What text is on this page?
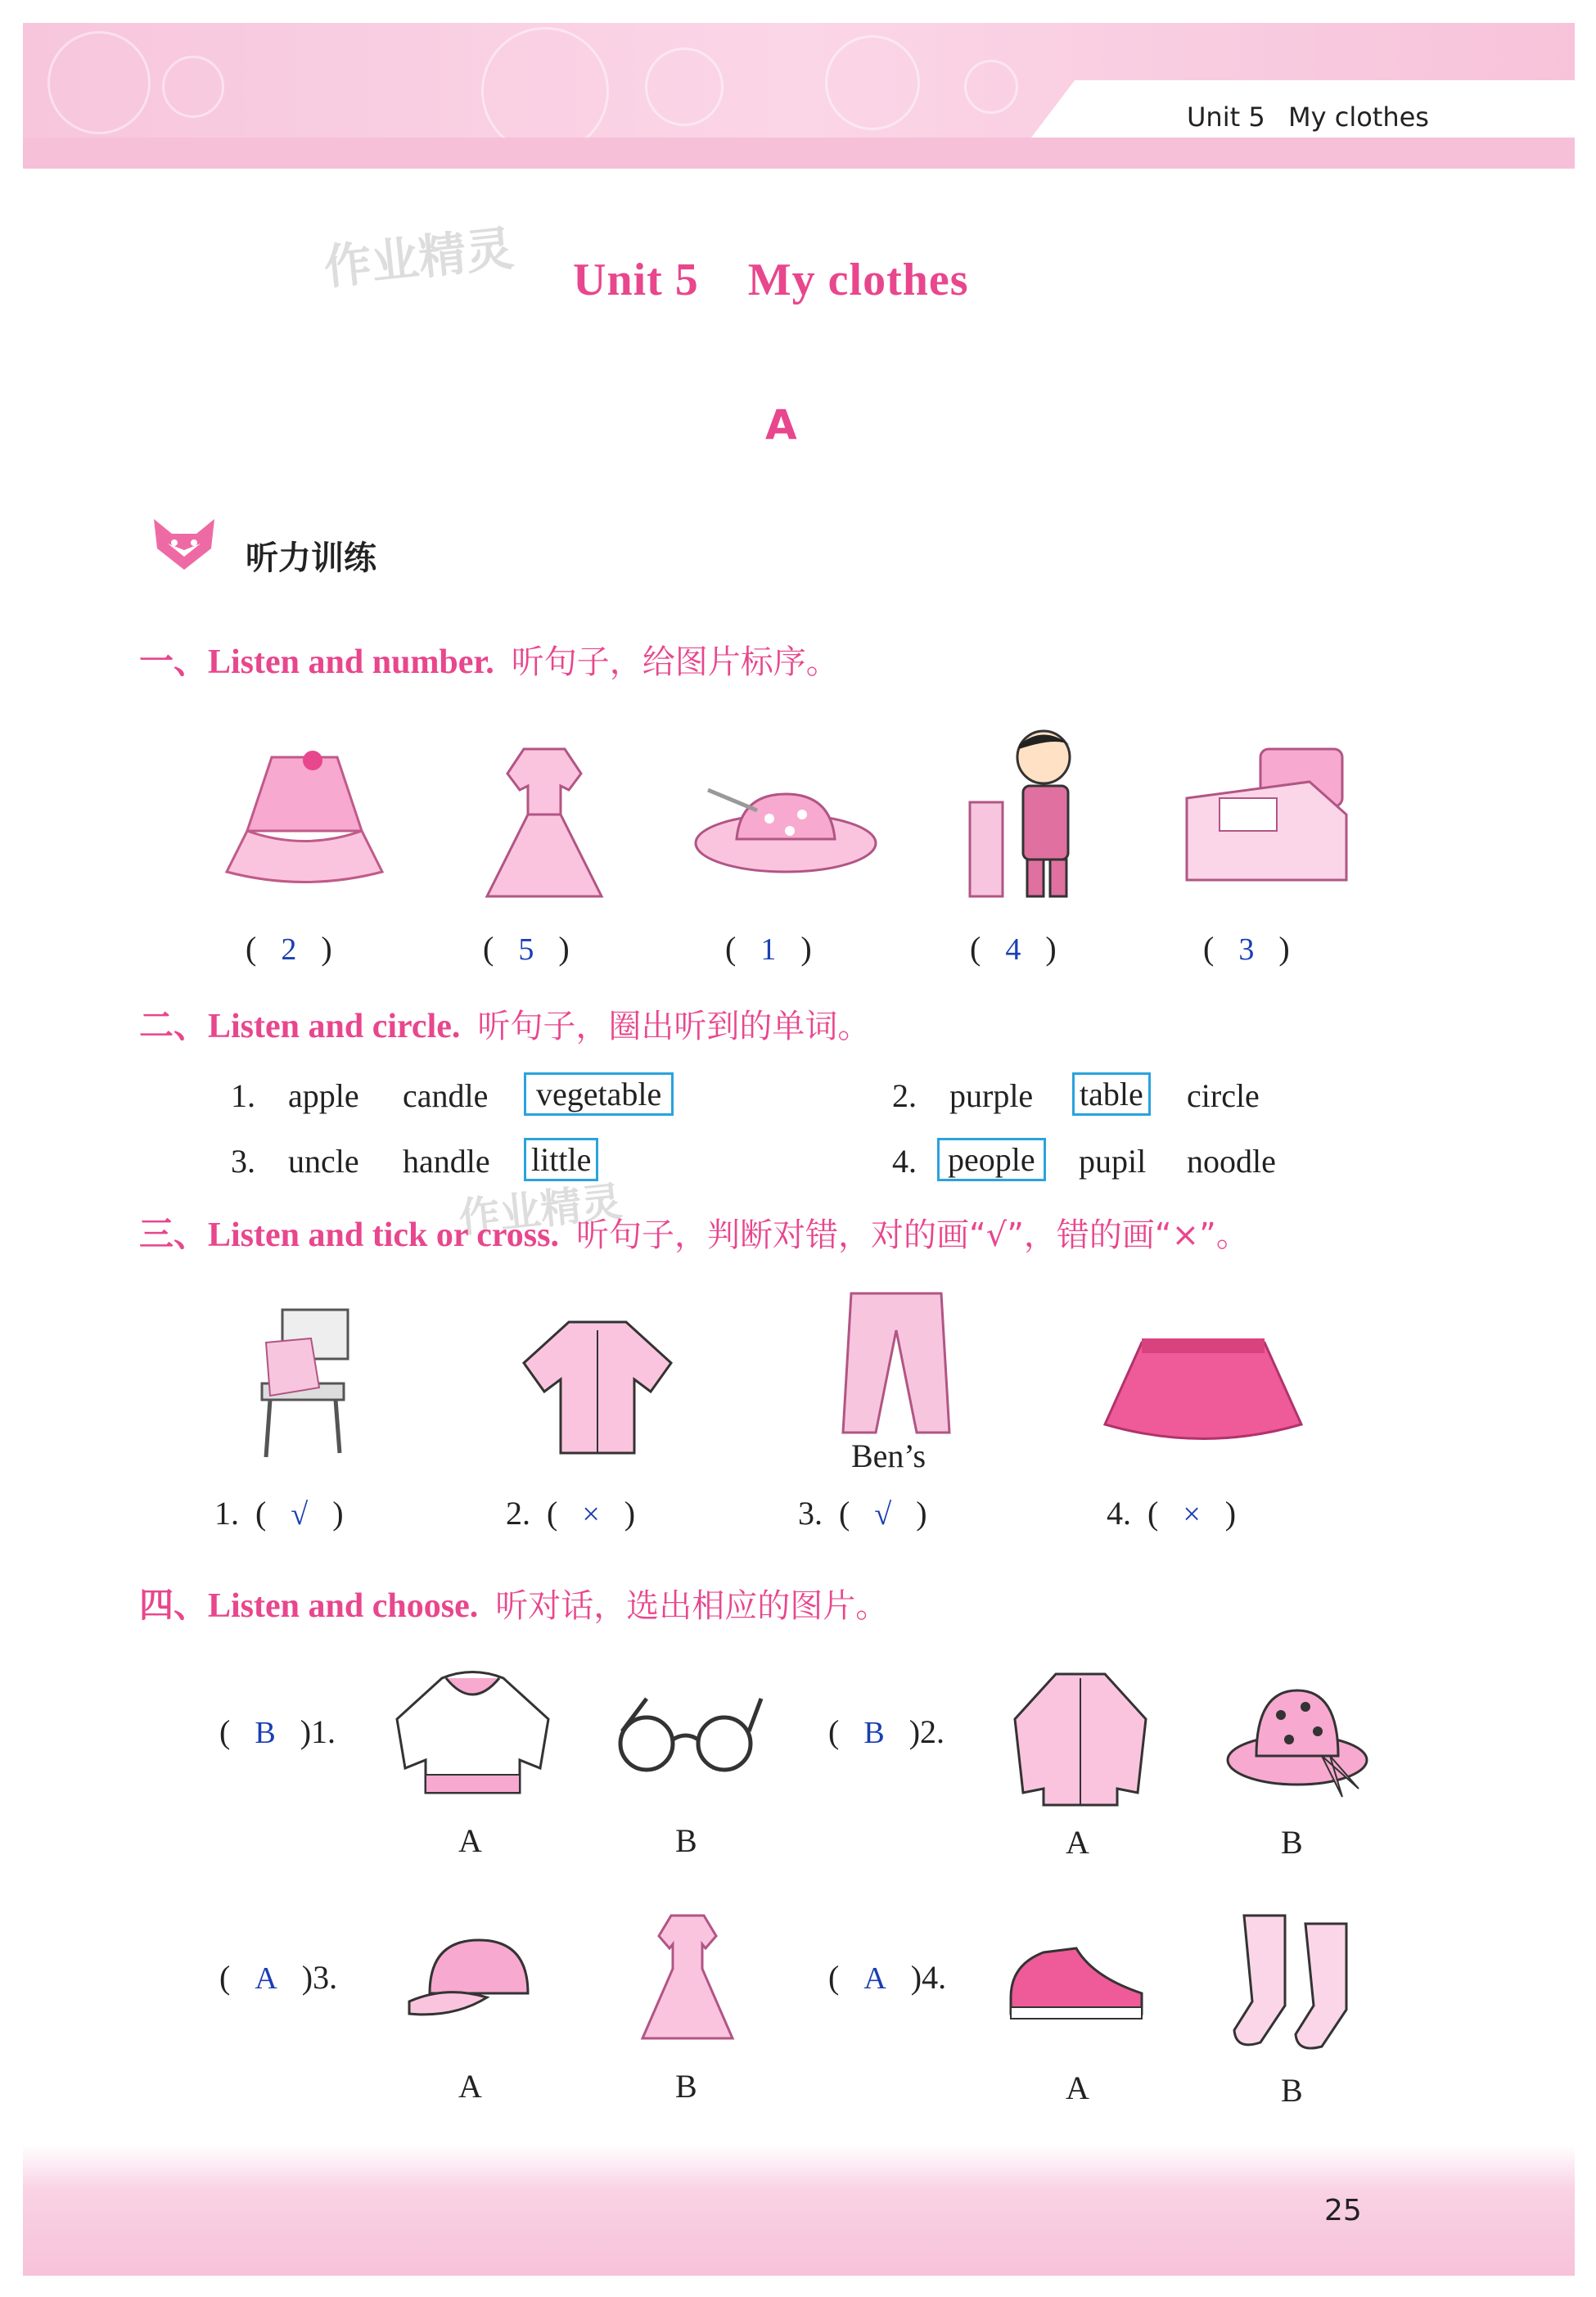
Unit 5 My clothes
作业精灵
作业精灵
Unit 5    My clothes
A
听力训练
一、Listen and number. 听句子，给图片标序。
(   2   )	(   5   )	(   1   )	(   4   )	(   3   )
二、Listen and circle. 听句子，圈出听到的单词。
1. apple candle	vegetable	2. purple table circle
3. uncle handle little	4. people	pupil noodle
三、Listen and tick or cross. 听句子，判断对错，对的画“√”，错的画“×”。
Ben’s
1.  (   √   )	2.  (   ×   )	3.  (   √   )	4.  (   ×   )
四、Listen and choose. 听对话，选出相应的图片。
(   B )1.
A	B
(   B )2.
A	B
(   A )3.
A	B
(   A )4.
A	B
25
